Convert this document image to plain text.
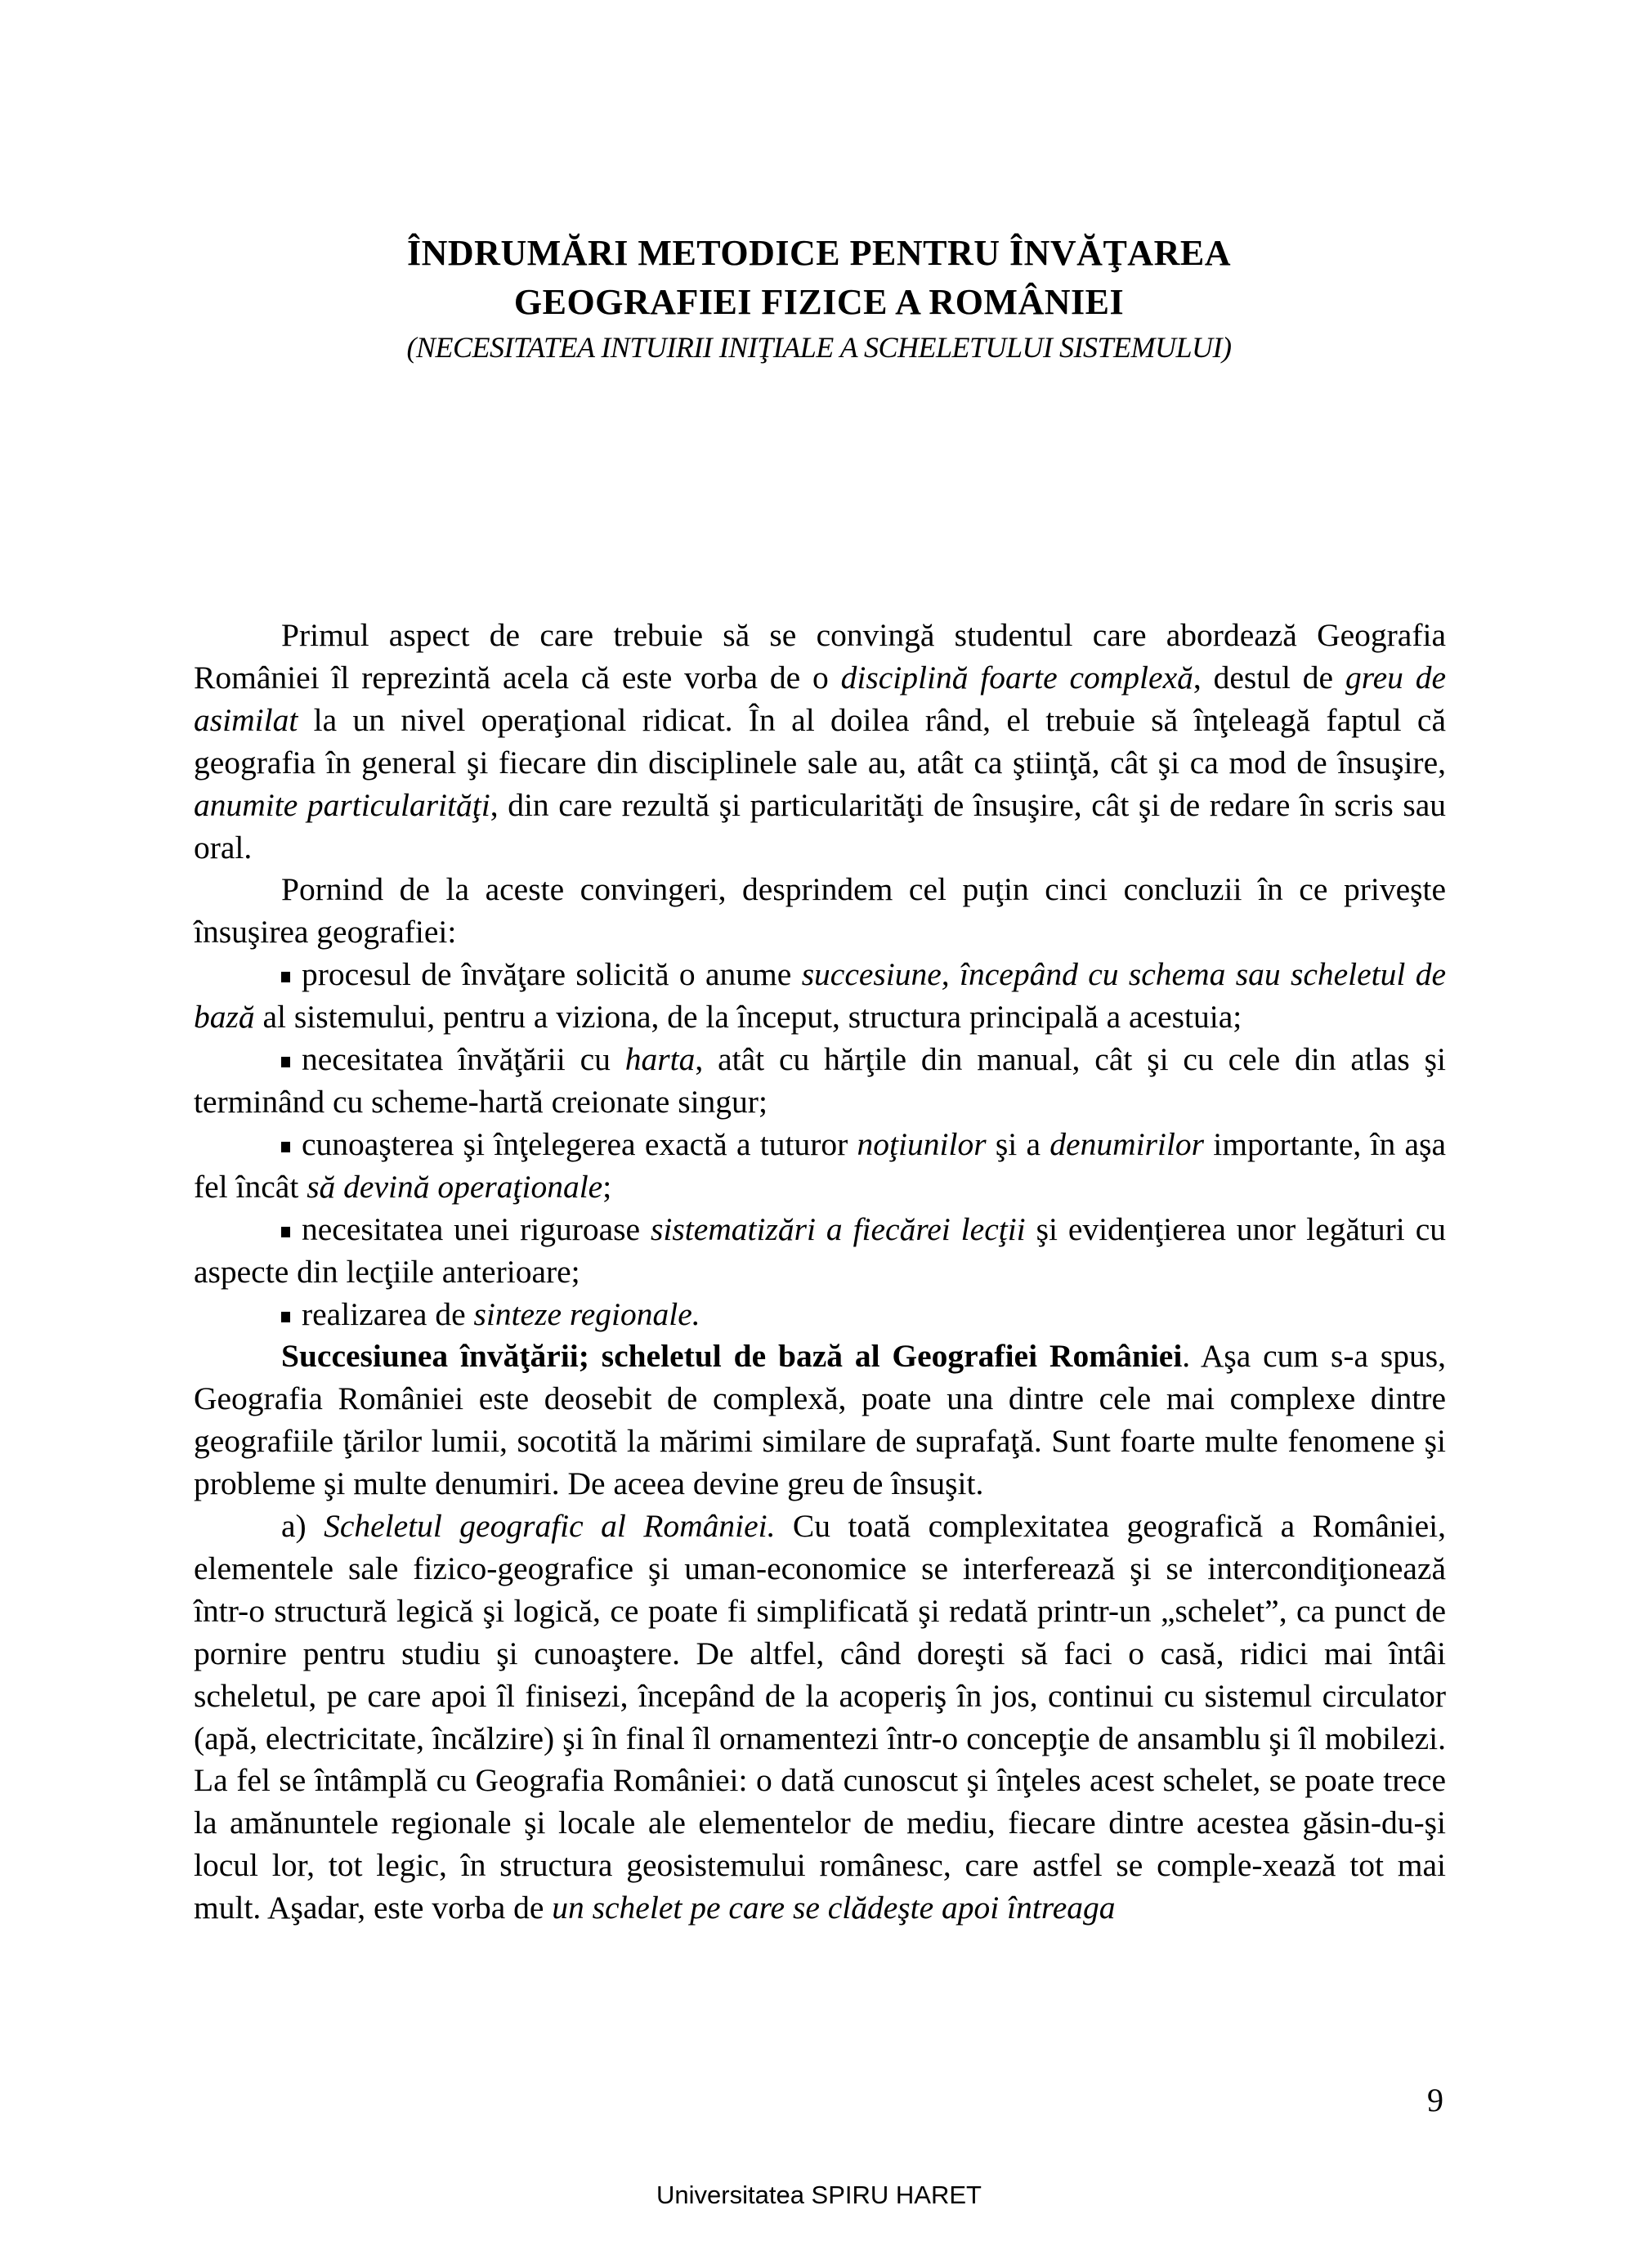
ÎNDRUMĂRI METODICE PENTRU ÎNVĂŢAREA
GEOGRAFIEI FIZICE A ROMÂNIEI
(NECESITATEA INTUIRII INIŢIALE A SCHELETULUI SISTEMULUI)

Primul aspect de care trebuie să se convingă studentul care abordează Geografia României îl reprezintă acela că este vorba de o disciplină foarte complexă, destul de greu de asimilat la un nivel operaţional ridicat. În al doilea rând, el trebuie să înţeleagă faptul că geografia în general şi fiecare din disciplinele sale au, atât ca ştiinţă, cât şi ca mod de însuşire, anumite particularităţi, din care rezultă şi particularităţi de însuşire, cât şi de redare în scris sau oral.

Pornind de la aceste convingeri, desprindem cel puţin cinci concluzii în ce priveşte însuşirea geografiei:

procesul de învăţare solicită o anume succesiune, începând cu schema sau scheletul de bază al sistemului, pentru a viziona, de la început, structura principală a acestuia;

necesitatea învăţării cu harta, atât cu hărţile din manual, cât şi cu cele din atlas şi terminând cu scheme-hartă creionate singur;

cunoaşterea şi înţelegerea exactă a tuturor noţiunilor şi a denumirilor importante, în aşa fel încât să devină operaţionale;

necesitatea unei riguroase sistematizări a fiecărei lecţii şi evidenţierea unor legături cu aspecte din lecţiile anterioare;

realizarea de sinteze regionale.

Succesiunea învăţării; scheletul de bază al Geografiei României. Aşa cum s-a spus, Geografia României este deosebit de complexă, poate una dintre cele mai complexe dintre geografiile ţărilor lumii, socotită la mărimi similare de suprafaţă. Sunt foarte multe fenomene şi probleme şi multe denumiri. De aceea devine greu de însuşit.

a) Scheletul geografic al României. Cu toată complexitatea geografică a României, elementele sale fizico-geografice şi uman-economice se interferează şi se intercondiţionează într-o structură legică şi logică, ce poate fi simplificată şi redată printr-un „schelet”, ca punct de pornire pentru studiu şi cunoaştere. De altfel, când doreşti să faci o casă, ridici mai întâi scheletul, pe care apoi îl finisezi, începând de la acoperiş în jos, continui cu sistemul circulator (apă, electricitate, încălzire) şi în final îl ornamentezi într-o concepţie de ansamblu şi îl mobilezi. La fel se întâmplă cu Geografia României: o dată cunoscut şi înţeles acest schelet, se poate trece la amănuntele regionale şi locale ale elementelor de mediu, fiecare dintre acestea găsin-du-şi locul lor, tot legic, în structura geosistemului românesc, care astfel se comple-xează tot mai mult. Aşadar, este vorba de un schelet pe care se clădeşte apoi întreaga

9
Universitatea SPIRU HARET
